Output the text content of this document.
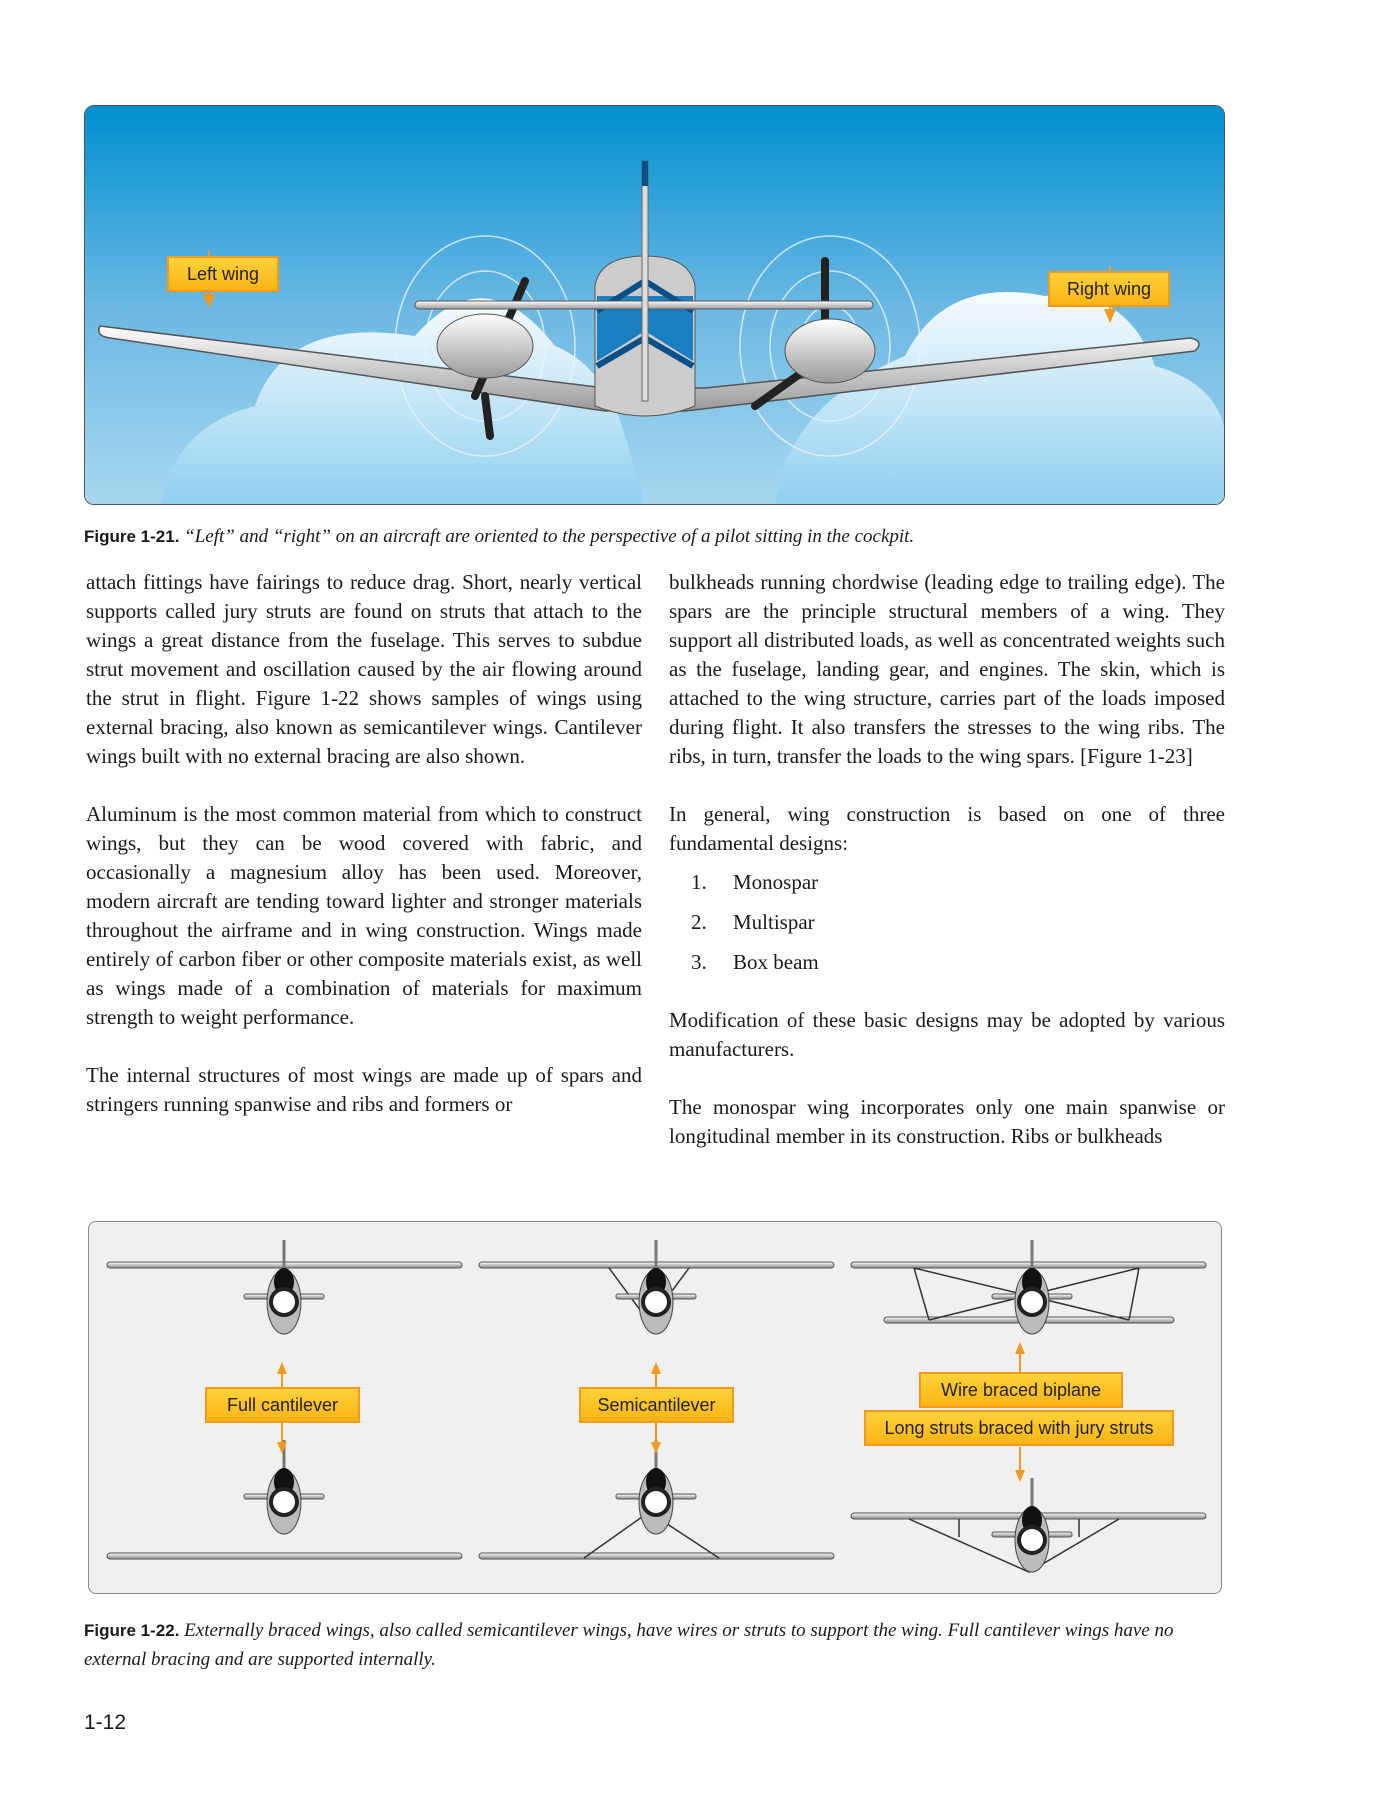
Left wing
Right wing
Figure 1-21. “Left” and “right” on an aircraft are oriented to the perspective of a pilot sitting in the cockpit.

attach fittings have fairings to reduce drag. Short, nearly vertical supports called jury struts are found on struts that attach to the wings a great distance from the fuselage. This serves to subdue strut movement and oscillation caused by the air flowing around the strut in flight. Figure 1-22 shows samples of wings using external bracing, also known as semicantilever wings. Cantilever wings built with no external bracing are also shown.

Aluminum is the most common material from which to construct wings, but they can be wood covered with fabric, and occasionally a magnesium alloy has been used. Moreover, modern aircraft are tending toward lighter and stronger materials throughout the airframe and in wing construction. Wings made entirely of carbon fiber or other composite materials exist, as well as wings made of a combination of materials for maximum strength to weight performance.

The internal structures of most wings are made up of spars and stringers running spanwise and ribs and formers or

bulkheads running chordwise (leading edge to trailing edge). The spars are the principle structural members of a wing. They support all distributed loads, as well as concentrated weights such as the fuselage, landing gear, and engines. The skin, which is attached to the wing structure, carries part of the loads imposed during flight. It also transfers the stresses to the wing ribs. The ribs, in turn, transfer the loads to the wing spars. [Figure 1-23]

In general, wing construction is based on one of three fundamental designs:

1. Monospar
2. Multispar
3. Box beam

Modification of these basic designs may be adopted by various manufacturers.

The monospar wing incorporates only one main spanwise or longitudinal member in its construction. Ribs or bulkheads

Full cantilever	Semicantilever
Wire braced biplane
Long struts braced with jury struts
Figure 1-22. Externally braced wings, also called semicantilever wings, have wires or struts to support the wing. Full cantilever wings have no external bracing and are supported internally.
1-12
